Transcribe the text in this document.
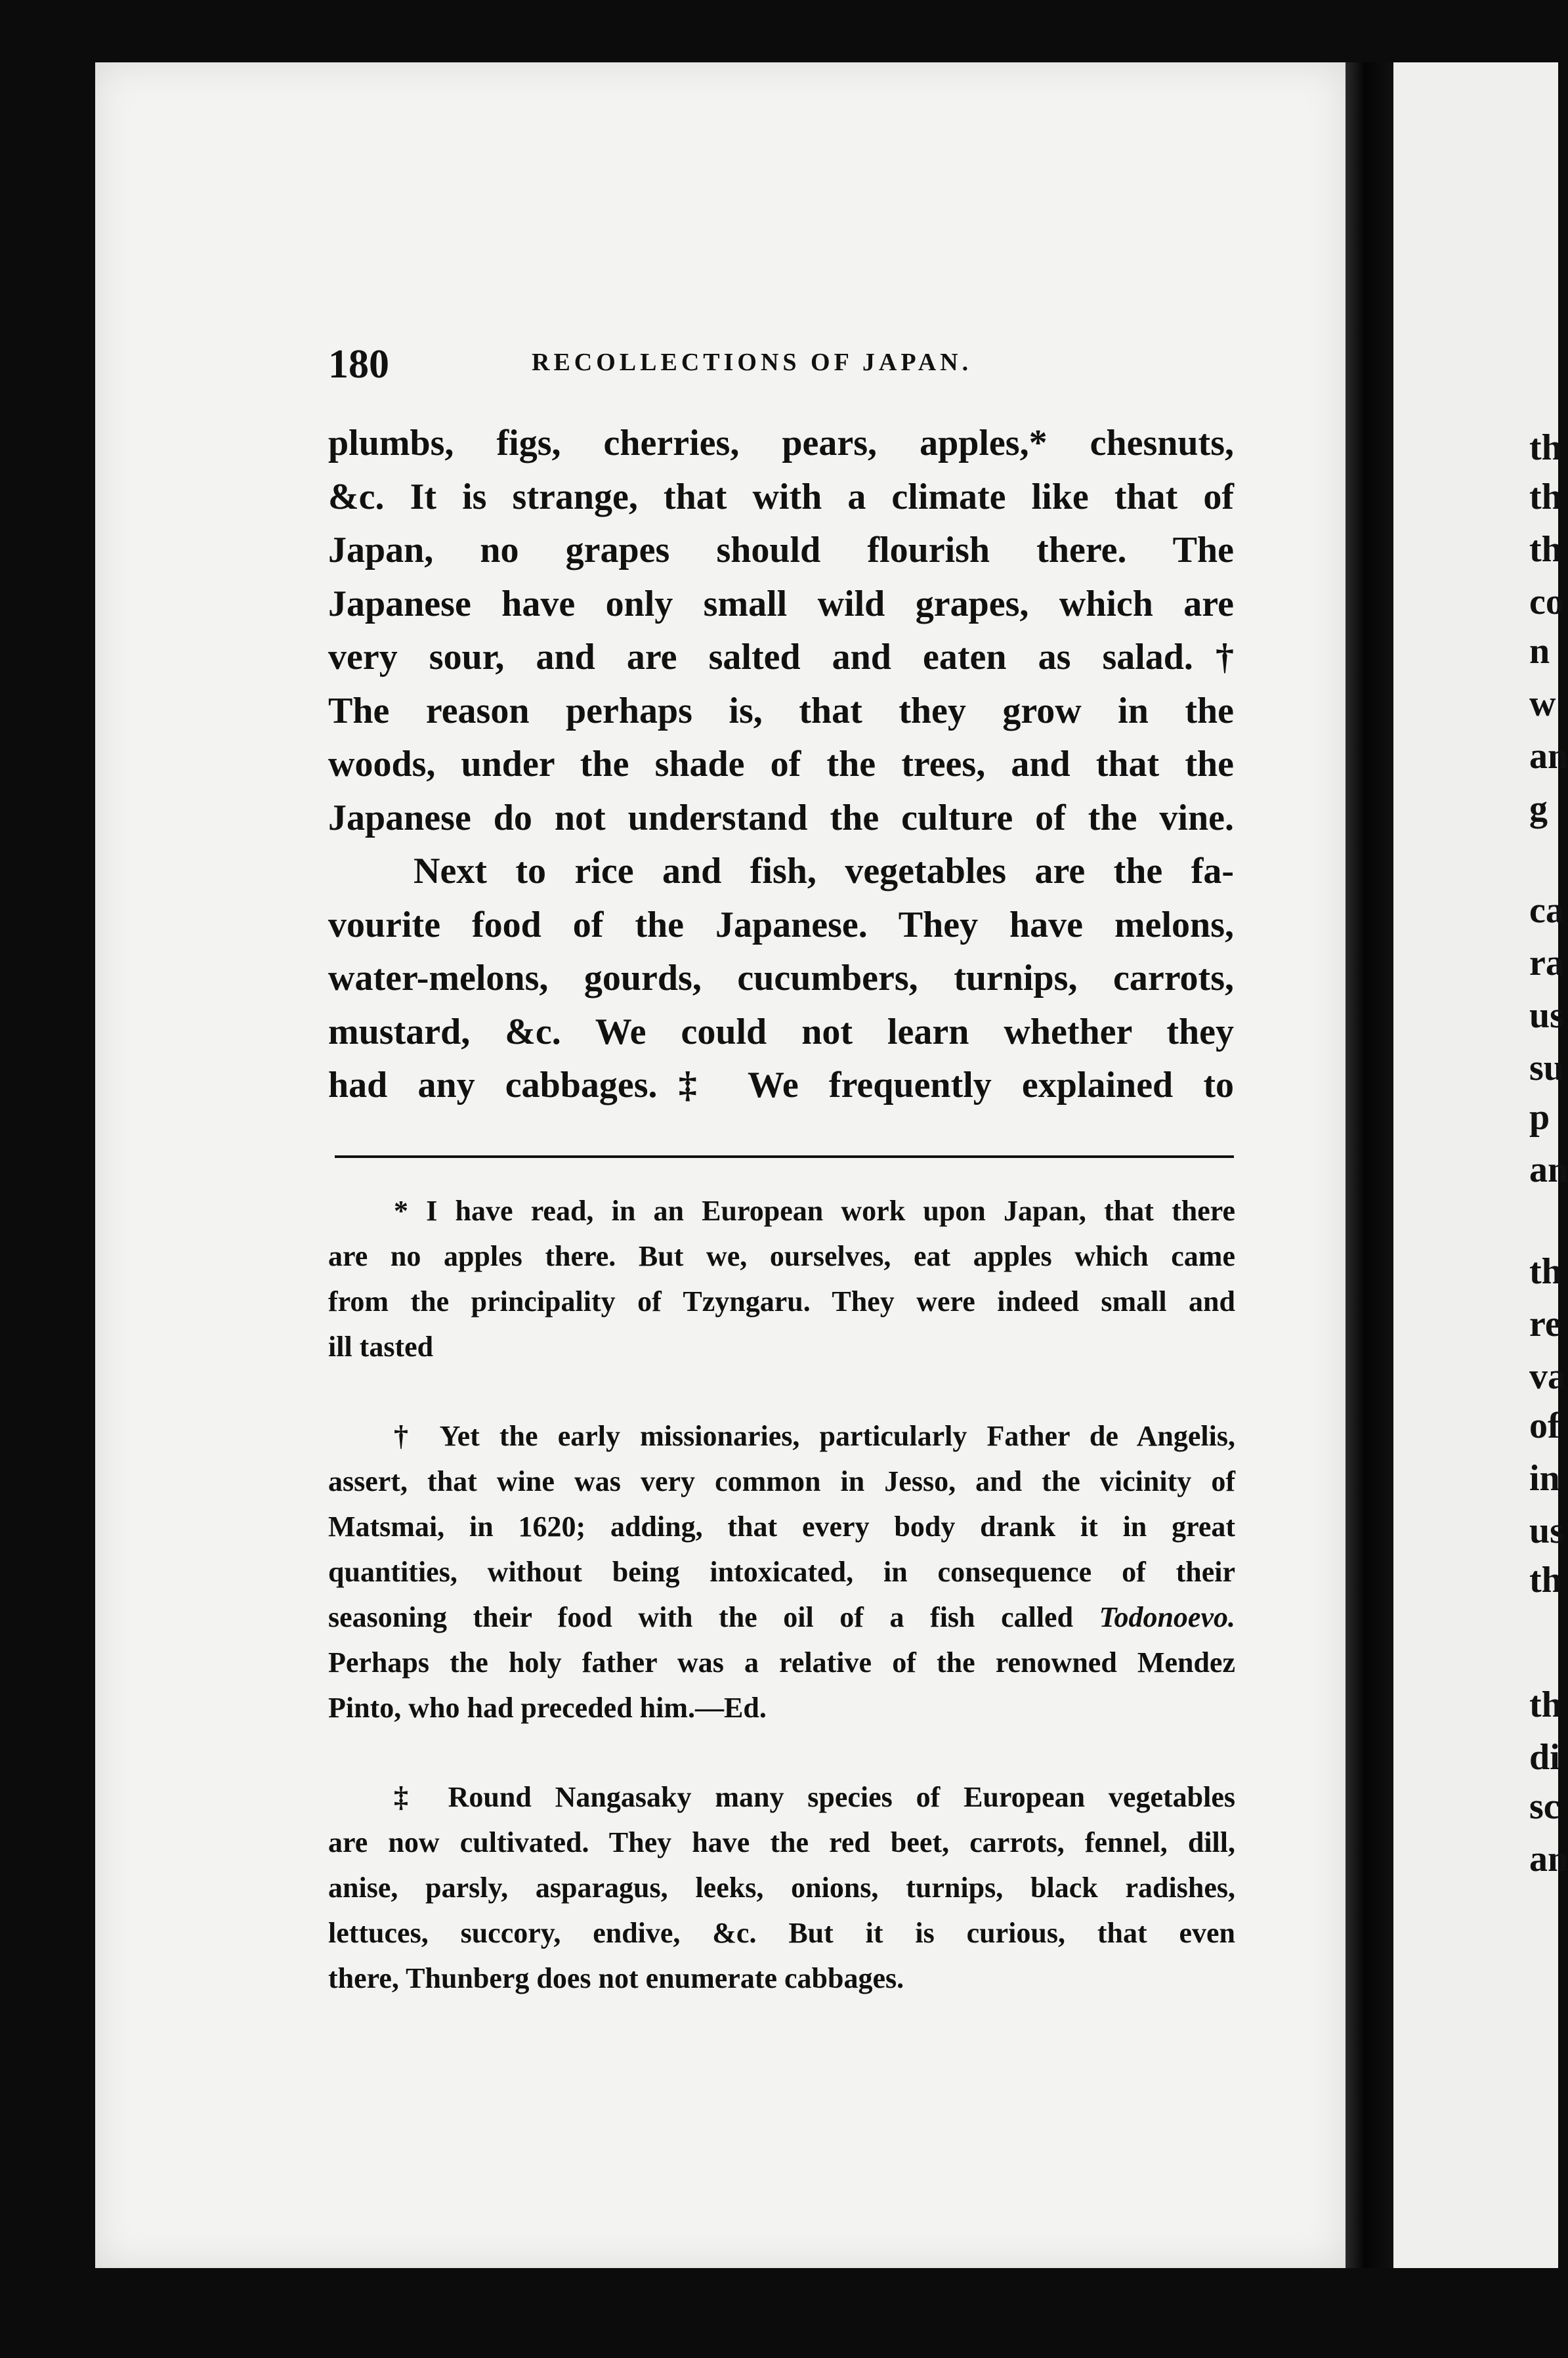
180	RECOLLECTIONS OF JAPAN.
plumbs, figs, cherries, pears, apples,* chesnuts,
&c. It is strange, that with a climate like that of
Japan, no grapes should flourish there. The
Japanese have only small wild grapes, which are
very sour, and are salted and eaten as salad.†
The reason perhaps is, that they grow in the
woods, under the shade of the trees, and that the
Japanese do not understand the culture of the vine.
Next to rice and fish, vegetables are the fa-
vourite food of the Japanese. They have melons,
water-melons, gourds, cucumbers, turnips, carrots,
mustard, &c. We could not learn whether they
had any cabbages.‡ We frequently explained to
* I have read, in an European work upon Japan, that there
are no apples there. But we, ourselves, eat apples which came
from the principality of Tzyngaru. They were indeed small and
ill tasted
† Yet the early missionaries, particularly Father de Angelis,
assert, that wine was very common in Jesso, and the vicinity of
Matsmai, in 1620; adding, that every body drank it in great
quantities, without being intoxicated, in consequence of their
seasoning their food with the oil of a fish called Todonoevo.
Perhaps the holy father was a relative of the renowned Mendez
Pinto, who had preceded him.—Ed.
‡ Round Nangasaky many species of European vegetables
are now cultivated. They have the red beet, carrots, fennel, dill,
anise, parsly, asparagus, leeks, onions, turnips, black radishes,
lettuces, succory, endive, &c. But it is curious, that even
there, Thunberg does not enumerate cabbages.
th
th
th
co
n
w
an
g
ca
ra
us
su
p
an
th
re
va
of
in
us
th
th
di
sc
an
